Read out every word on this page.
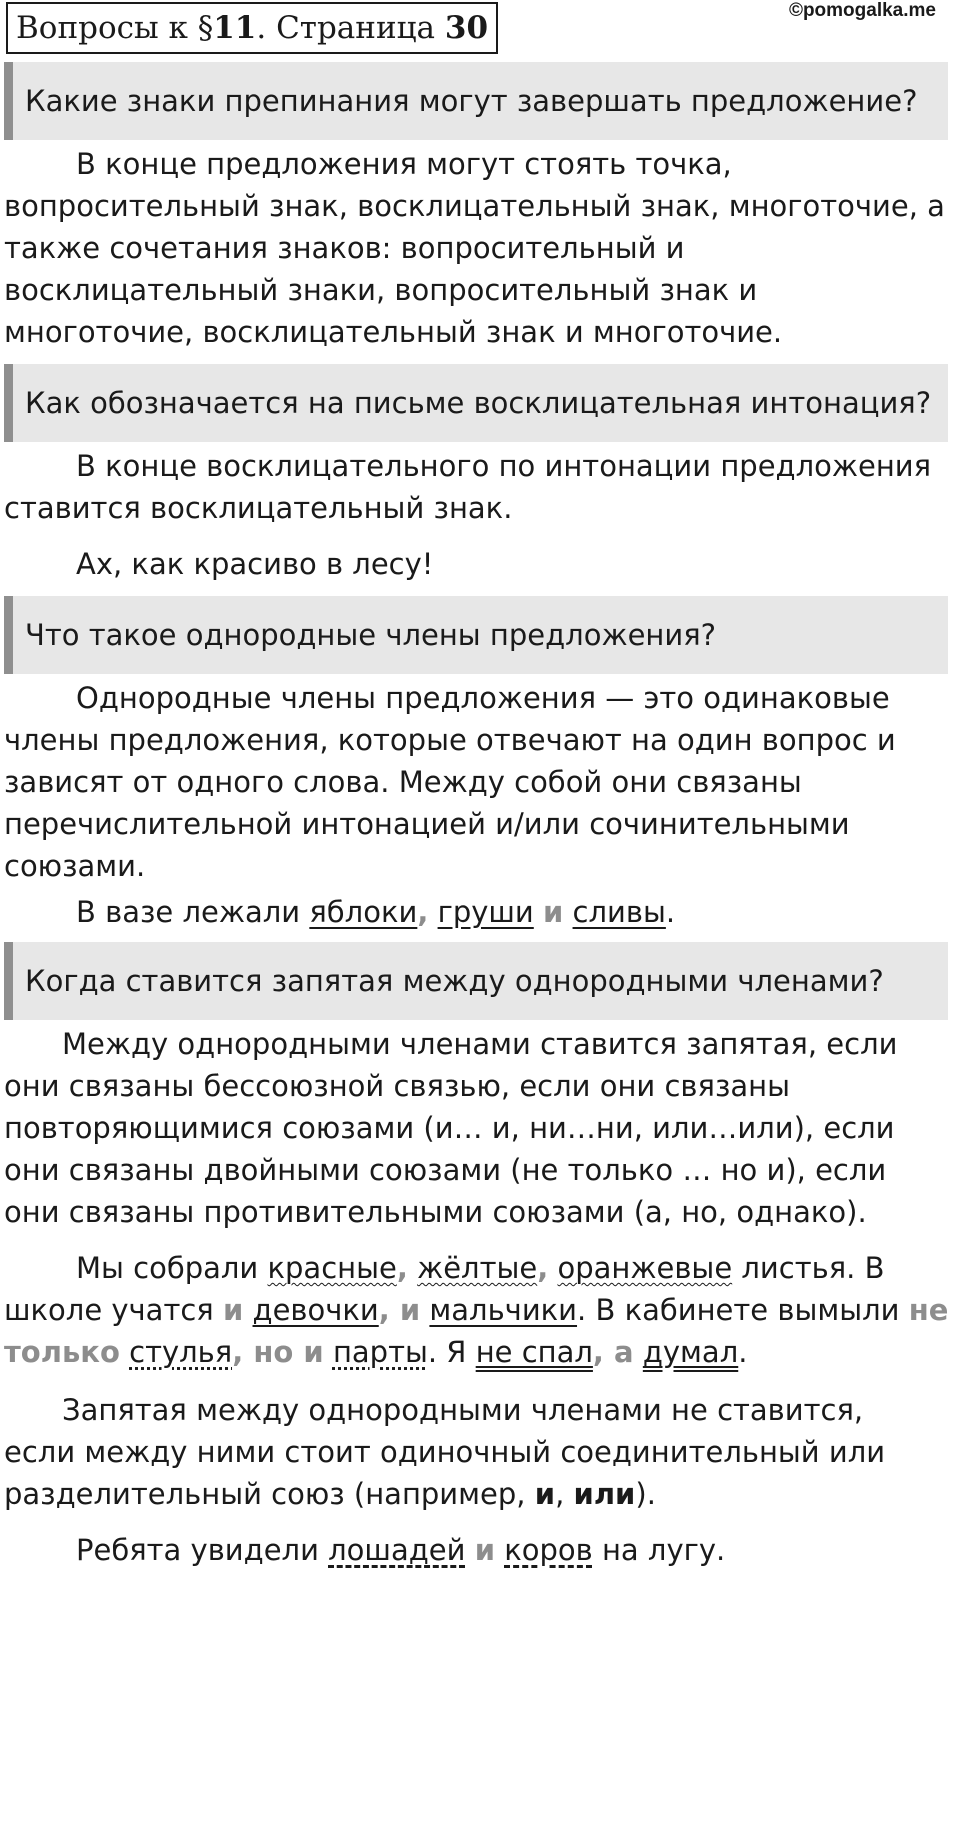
Вопросы к §11. Страница 30	©pomogalka.me
Какие знаки препинания могут завершать предложение?
В конце предложения могут стоять точка,
вопросительный знак, восклицательный знак, многоточие, а
также сочетания знаков: вопросительный и
восклицательный знаки, вопросительный знак и
многоточие, восклицательный знак и многоточие.
Как обозначается на письме восклицательная интонация?
В конце восклицательного по интонации предложения
ставится восклицательный знак.
Ах, как красиво в лесу!
Что такое однородные члены предложения?
Однородные члены предложения — это одинаковые
члены предложения, которые отвечают на один вопрос и
зависят от одного слова. Между собой они связаны
перечислительной интонацией и/или сочинительными
союзами.
В вазе лежали яблоки, груши и сливы.
Когда ставится запятая между однородными членами?
Между однородными членами ставится запятая, если
они связаны бессоюзной связью, если они связаны
повторяющимися союзами (и… и, ни…ни, или…или), если
они связаны двойными союзами (не только … но и), если
они связаны противительными союзами (а, но, однако).
Мы собрали красные, жёлтые, оранжевые листья. В
школе учатся и девочки, и мальчики. В кабинете вымыли не
только стулья, но и парты. Я не спал, а думал.
Запятая между однородными членами не ставится,
если между ними стоит одиночный соединительный или
разделительный союз (например, и, или).
Ребята увидели лошадей и коров на лугу.
